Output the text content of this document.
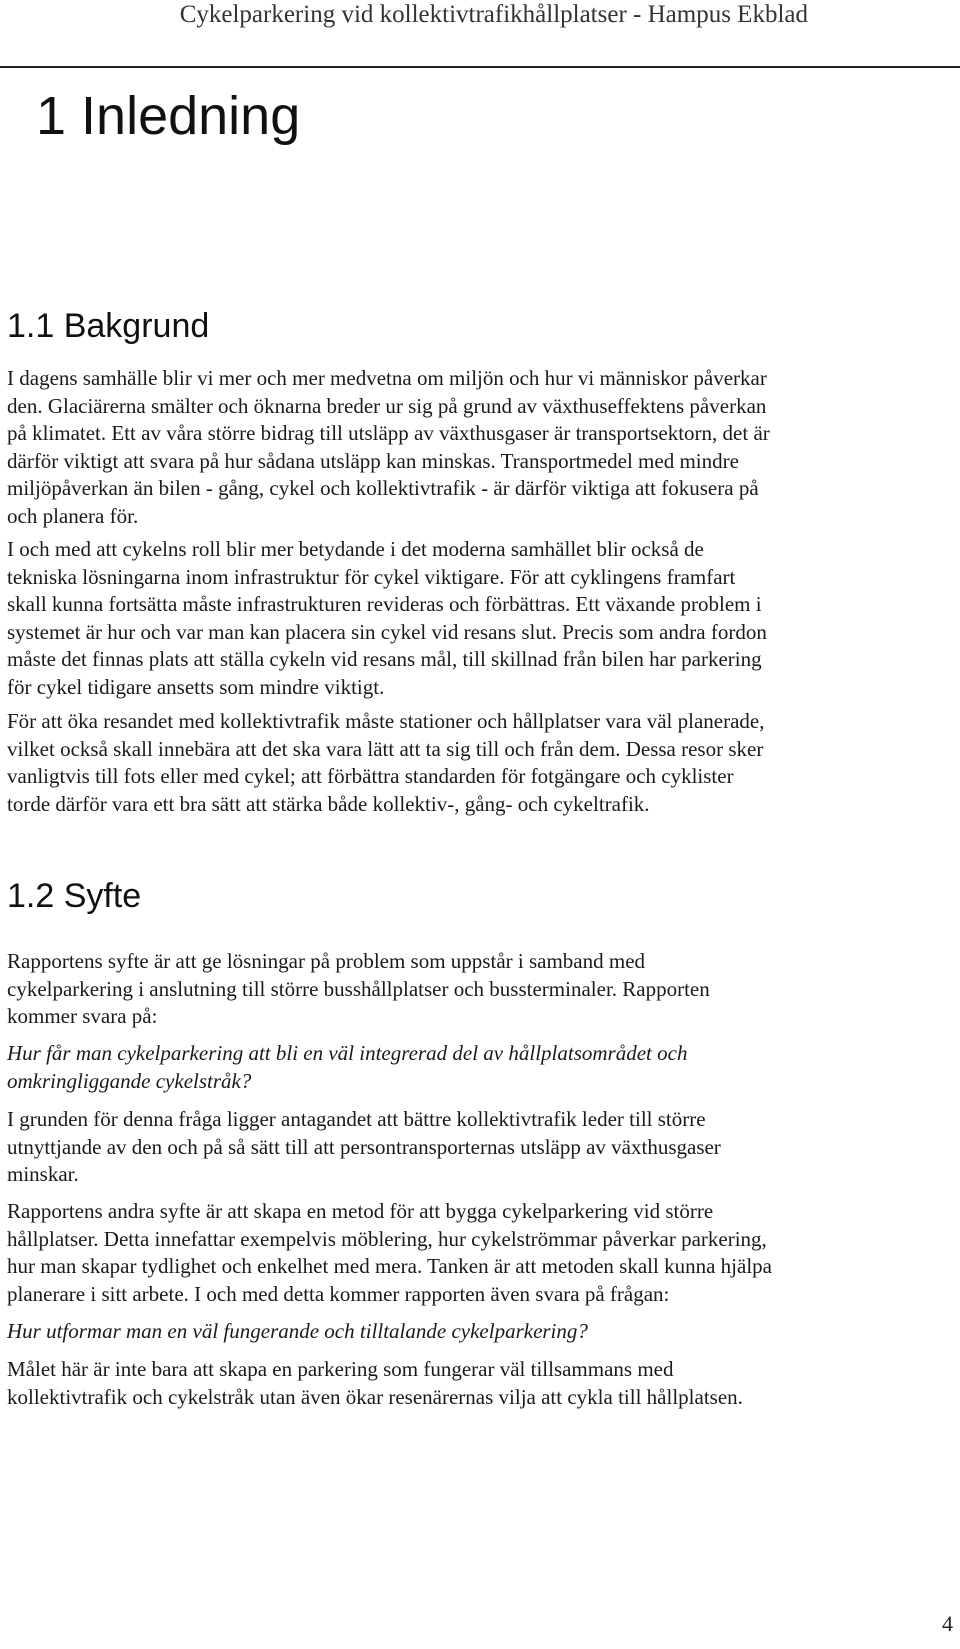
Cykelparkering vid kollektivtrafikhållplatser - Hampus Ekblad
1 Inledning
1.1 Bakgrund

I dagens samhälle blir vi mer och mer medvetna om miljön och hur vi människor påverkar

den. Glaciärerna smälter och öknarna breder ur sig på grund av växthuseffektens påverkan

på klimatet. Ett av våra större bidrag till utsläpp av växthusgaser är transportsektorn, det är

därför viktigt att svara på hur sådana utsläpp kan minskas. Transportmedel med mindre

miljöpåverkan än bilen - gång, cykel och kollektivtrafik - är därför viktiga att fokusera på

och planera för.

I och med att cykelns roll blir mer betydande i det moderna samhället blir också de

tekniska lösningarna inom infrastruktur för cykel viktigare. För att cyklingens framfart

skall kunna fortsätta måste infrastrukturen revideras och förbättras. Ett växande problem i

systemet är hur och var man kan placera sin cykel vid resans slut. Precis som andra fordon

måste det finnas plats att ställa cykeln vid resans mål, till skillnad från bilen har parkering

för cykel tidigare ansetts som mindre viktigt.

För att öka resandet med kollektivtrafik måste stationer och hållplatser vara väl planerade,

vilket också skall innebära att det ska vara lätt att ta sig till och från dem. Dessa resor sker

vanligtvis till fots eller med cykel; att förbättra standarden för fotgängare och cyklister

torde därför vara ett bra sätt att stärka både kollektiv-, gång- och cykeltrafik.

1.2 Syfte

Rapportens syfte är att ge lösningar på problem som uppstår i samband med

cykelparkering i anslutning till större busshållplatser och bussterminaler. Rapporten

kommer svara på:

Hur får man cykelparkering att bli en väl integrerad del av hållplatsområdet och

omkringliggande cykelstråk?

I grunden för denna fråga ligger antagandet att bättre kollektivtrafik leder till större

utnyttjande av den och på så sätt till att persontransporternas utsläpp av växthusgaser

minskar.

Rapportens andra syfte är att skapa en metod för att bygga cykelparkering vid större

hållplatser. Detta innefattar exempelvis möblering, hur cykelströmmar påverkar parkering,

hur man skapar tydlighet och enkelhet med mera. Tanken är att metoden skall kunna hjälpa

planerare i sitt arbete. I och med detta kommer rapporten även svara på frågan:

Hur utformar man en väl fungerande och tilltalande cykelparkering?

Målet här är inte bara att skapa en parkering som fungerar väl tillsammans med

kollektivtrafik och cykelstråk utan även ökar resenärernas vilja att cykla till hållplatsen.

4
